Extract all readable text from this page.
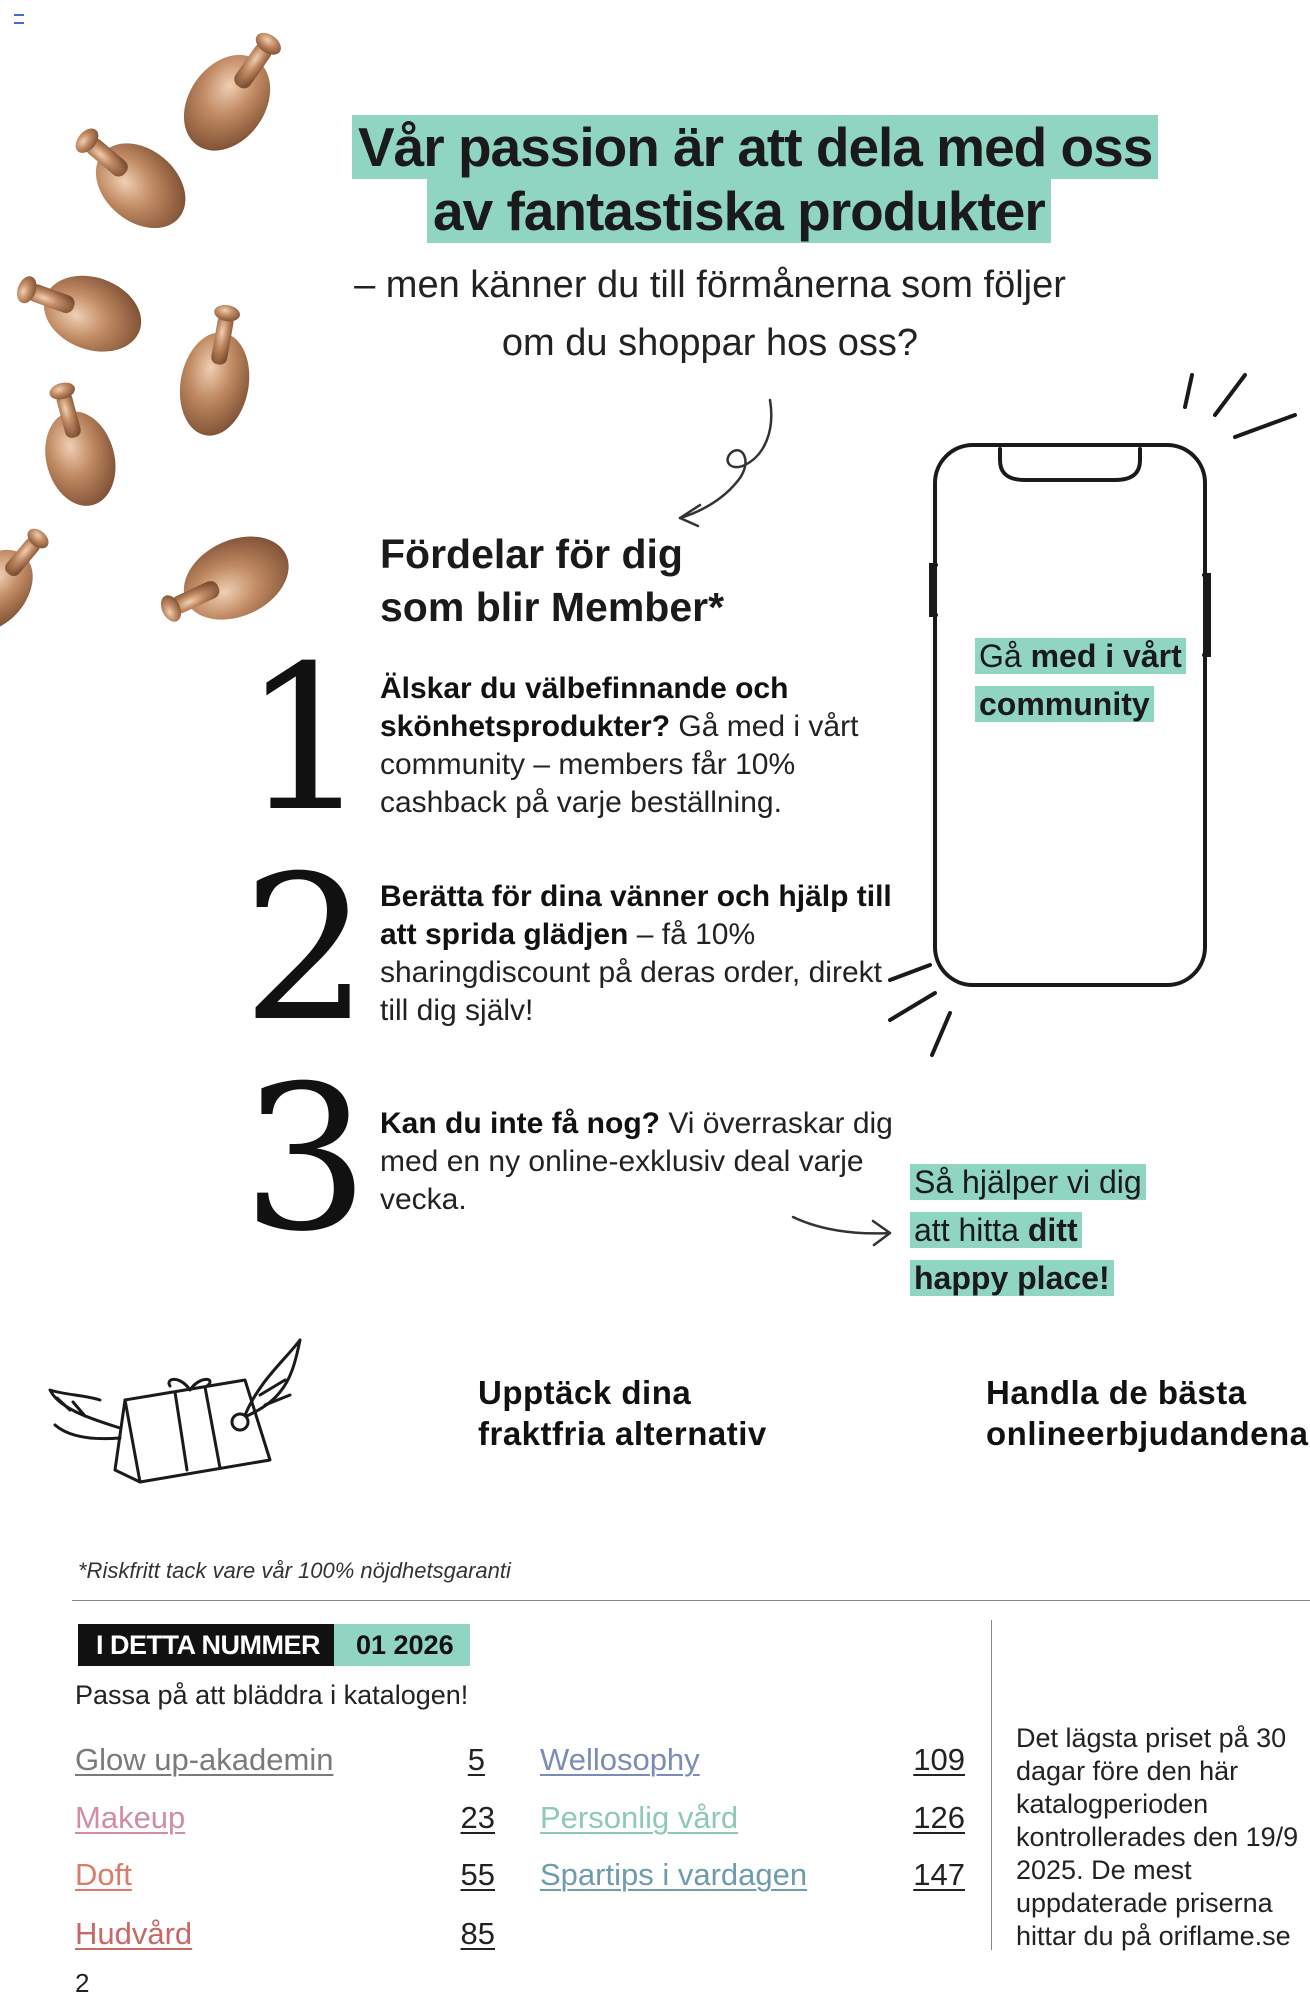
Vår passion är att dela med oss
av fantastiska produkter
– men känner du till förmånerna som följer
om du shoppar hos oss?
Fördelar för dig
som blir Member*
1 Älskar du välbefinnande och skönhetsprodukter? Gå med i vårt community – members får 10% cashback på varje beställning.
2 Berätta för dina vänner och hjälp till att sprida glädjen – få 10% sharingdiscount på deras order, direkt till dig själv!
3 Kan du inte få nog? Vi överraskar dig med en ny online-exklusiv deal varje vecka.
Gå med i vårt community
Så hjälper vi dig att hitta ditt happy place!
Upptäck dina
fraktfria alternativ
Handla de bästa
onlineerbjudandena
*Riskfritt tack vare vår 100% nöjdhetsgaranti
I DETTA NUMMER	01 2026
Passa på att bläddra i katalogen!
Glow up-akademin	5
Makeup	23
Doft	55
Hudvård	85
Wellosophy	109
Personlig vård	126
Spartips i vardagen	147
Det lägsta priset på 30 dagar före den här katalogperioden kontrollerades den 19/9 2025. De mest uppdaterade priserna hittar du på oriflame.se
2
